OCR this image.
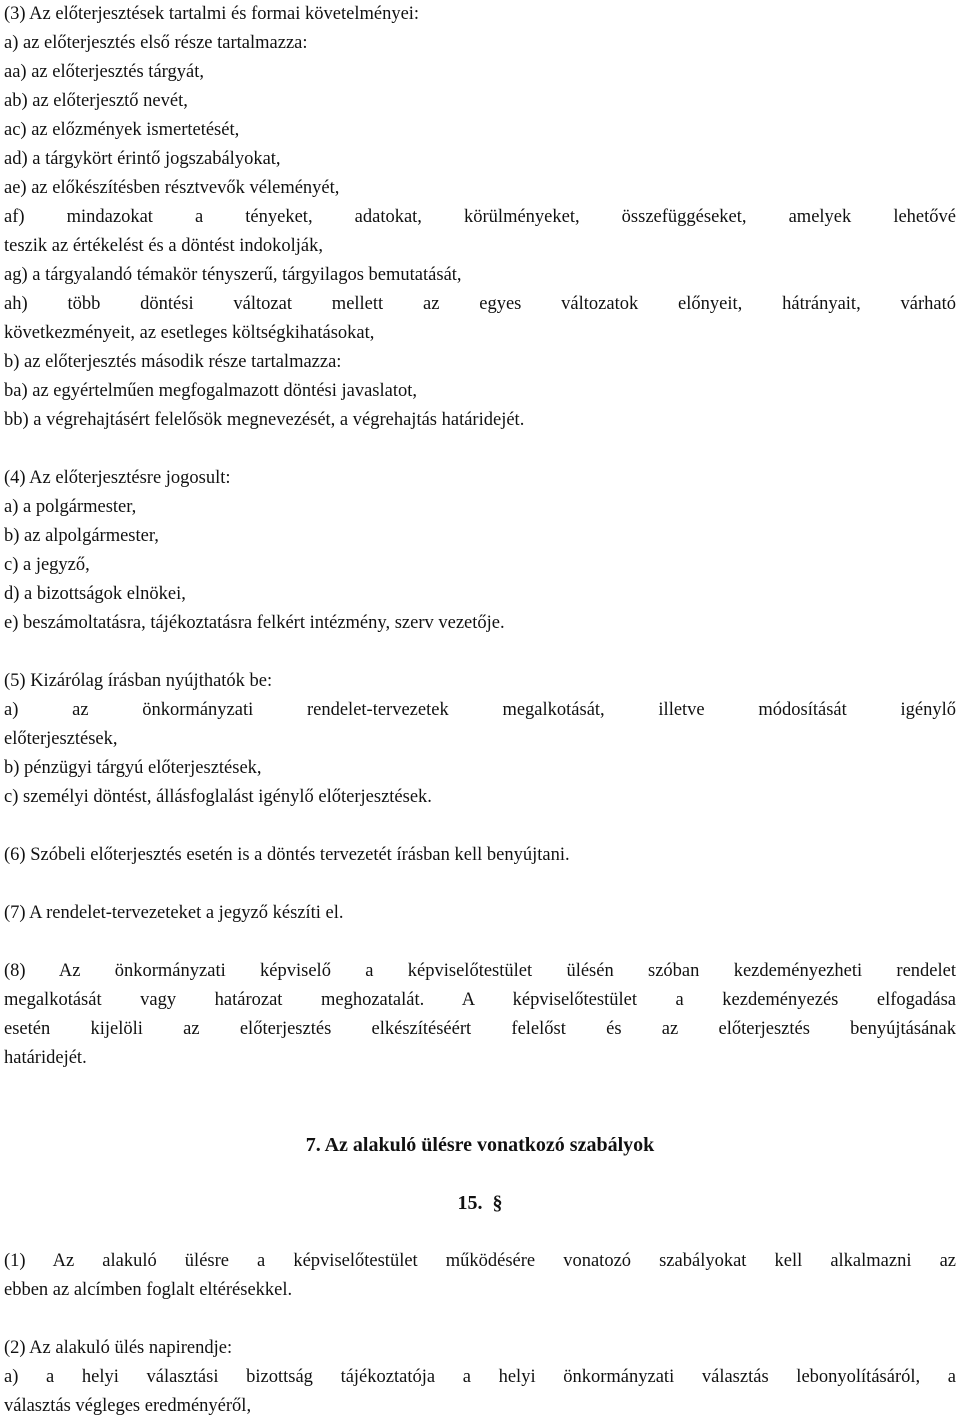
(3) Az előterjesztések tartalmi és formai követelményei:
a) az előterjesztés első része tartalmazza:
aa) az előterjesztés tárgyát,
ab) az előterjesztő nevét,
ac) az előzmények ismertetését,
ad) a tárgykört érintő jogszabályokat,
ae) az előkészítésben résztvevők véleményét,
af) mindazokat a tényeket, adatokat, körülményeket, összefüggéseket, amelyek lehetővé
teszik az értékelést és a döntést indokolják,
ag) a tárgyalandó témakör tényszerű, tárgyilagos bemutatását,
ah) több döntési változat mellett az egyes változatok előnyeit, hátrányait, várható
következményeit, az esetleges költségkihatásokat,
b) az előterjesztés második része tartalmazza:
ba) az egyértelműen megfogalmazott döntési javaslatot,
bb) a végrehajtásért felelősök megnevezését, a végrehajtás határidejét.
(4) Az előterjesztésre jogosult:
a) a polgármester,
b) az alpolgármester,
c) a jegyző,
d) a bizottságok elnökei,
e) beszámoltatásra, tájékoztatásra felkért intézmény, szerv vezetője.
(5) Kizárólag írásban nyújthatók be:
a) az önkormányzati rendelet-tervezetek megalkotását, illetve módosítását igénylő
előterjesztések,
b) pénzügyi tárgyú előterjesztések,
c) személyi döntést, állásfoglalást igénylő előterjesztések.
(6) Szóbeli előterjesztés esetén is a döntés tervezetét írásban kell benyújtani.
(7) A rendelet-tervezeteket a jegyző készíti el.
(8) Az önkormányzati képviselő a képviselőtestület ülésén szóban kezdeményezheti rendelet
megalkotását vagy határozat meghozatalát. A képviselőtestület a kezdeményezés elfogadása
esetén kijelöli az előterjesztés elkészítéséért felelőst és az előterjesztés benyújtásának
határidejét.
7. Az alakuló ülésre vonatkozó szabályok
15.  §
(1) Az alakuló ülésre a képviselőtestület működésére vonatozó szabályokat kell alkalmazni az
ebben az alcímben foglalt eltérésekkel.
(2) Az alakuló ülés napirendje:
a) a helyi választási bizottság tájékoztatója a helyi önkormányzati választás lebonyolításáról, a
választás végleges eredményéről,
